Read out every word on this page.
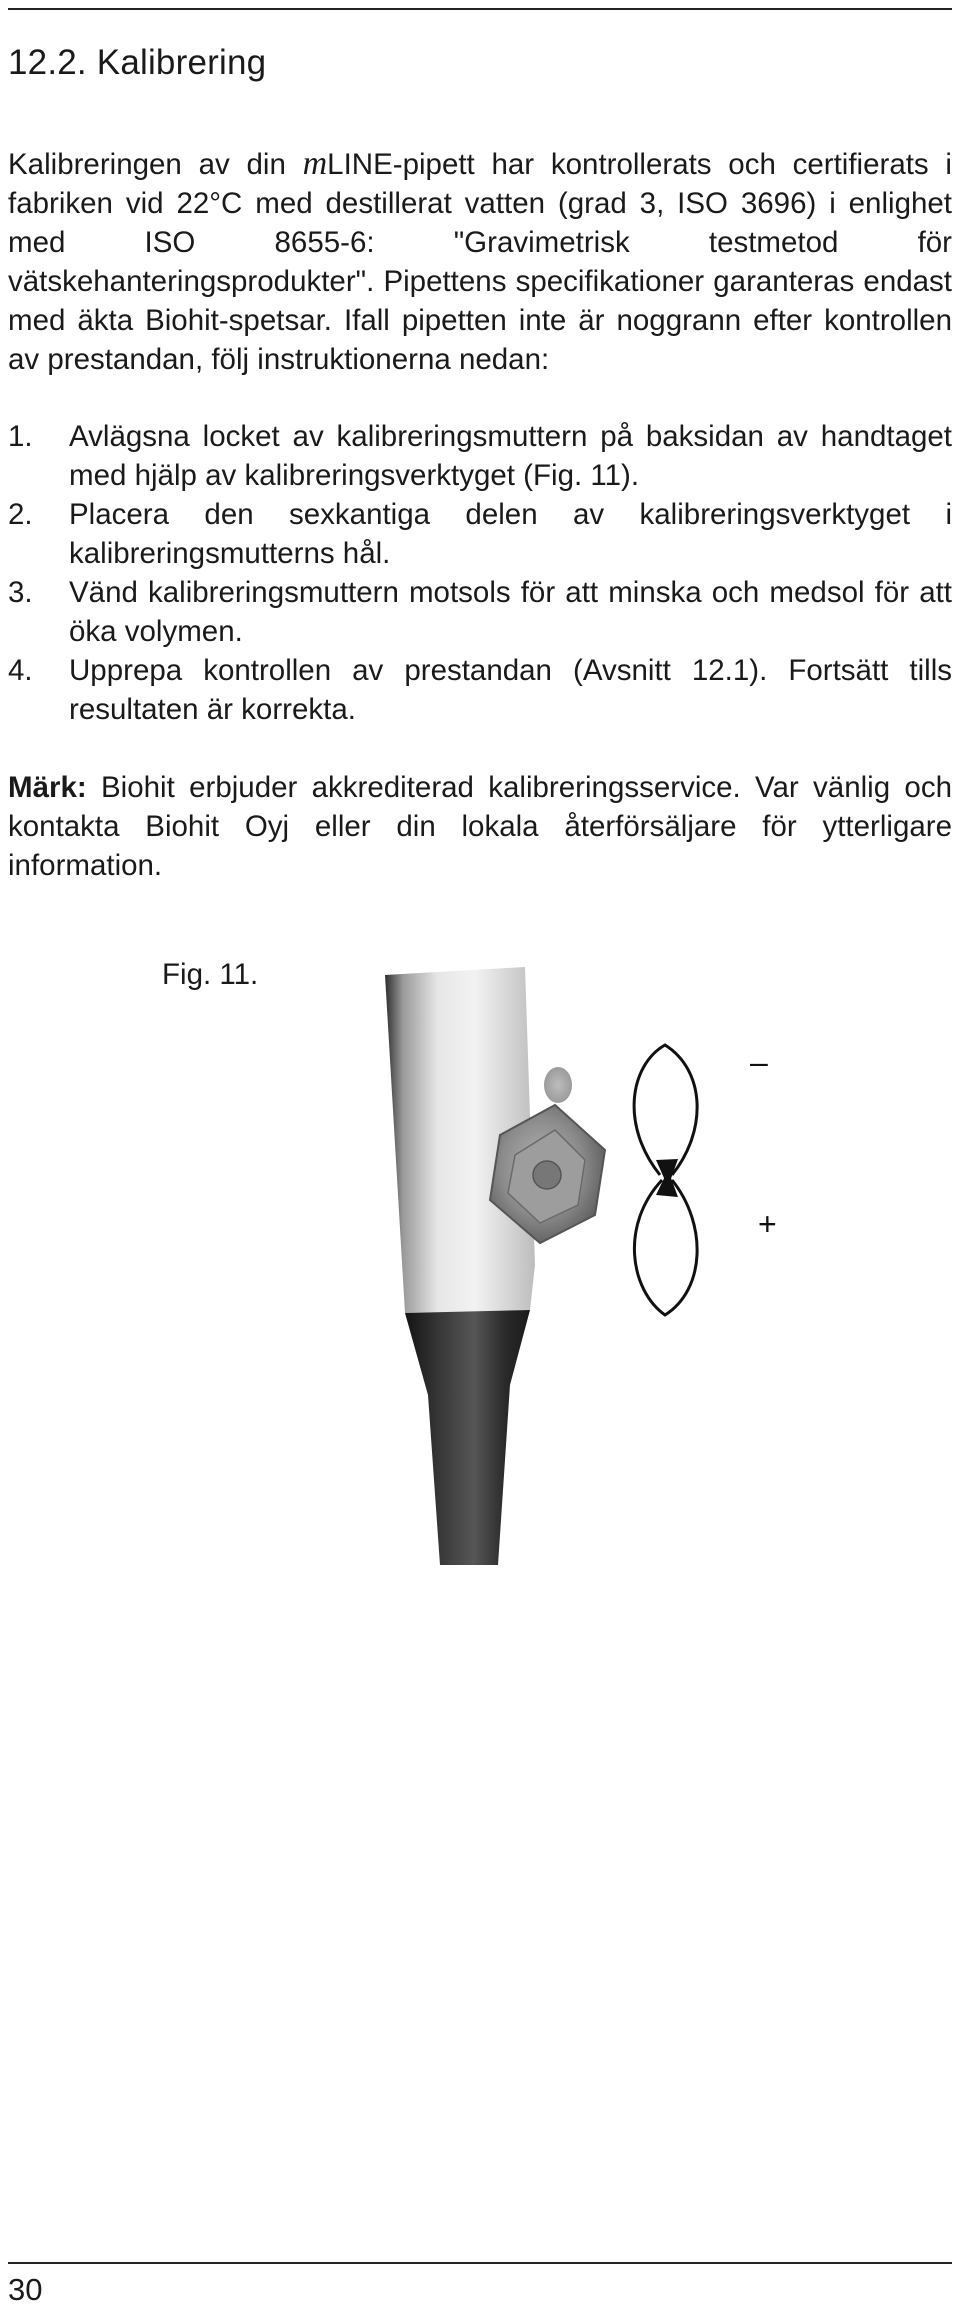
12.2. Kalibrering

Kalibreringen av din mLINE-pipett har kontrollerats och certifierats i fabriken vid 22°C med destillerat vatten (grad 3, ISO 3696) i enlighet med ISO 8655-6: "Gravimetrisk testmetod för vätskehanteringsprodukter". Pipettens specifikationer garanteras endast med äkta Biohit-spetsar. Ifall pipetten inte är noggrann efter kontrollen av prestandan, följ instruktionerna nedan:

1. Avlägsna locket av kalibreringsmuttern på baksidan av handtaget med hjälp av kalibreringsverktyget (Fig. 11).
2. Placera den sexkantiga delen av kalibreringsverktyget i kalibreringsmutterns hål.
3. Vänd kalibreringsmuttern motsols för att minska och medsol för att öka volymen.
4. Upprepa kontrollen av prestandan (Avsnitt 12.1). Fortsätt tills resultaten är korrekta.

Märk: Biohit erbjuder akkrediterad kalibreringsservice. Var vänlig och kontakta Biohit Oyj eller din lokala återförsäljare för ytterligare information.

Fig. 11.
–
+
30
